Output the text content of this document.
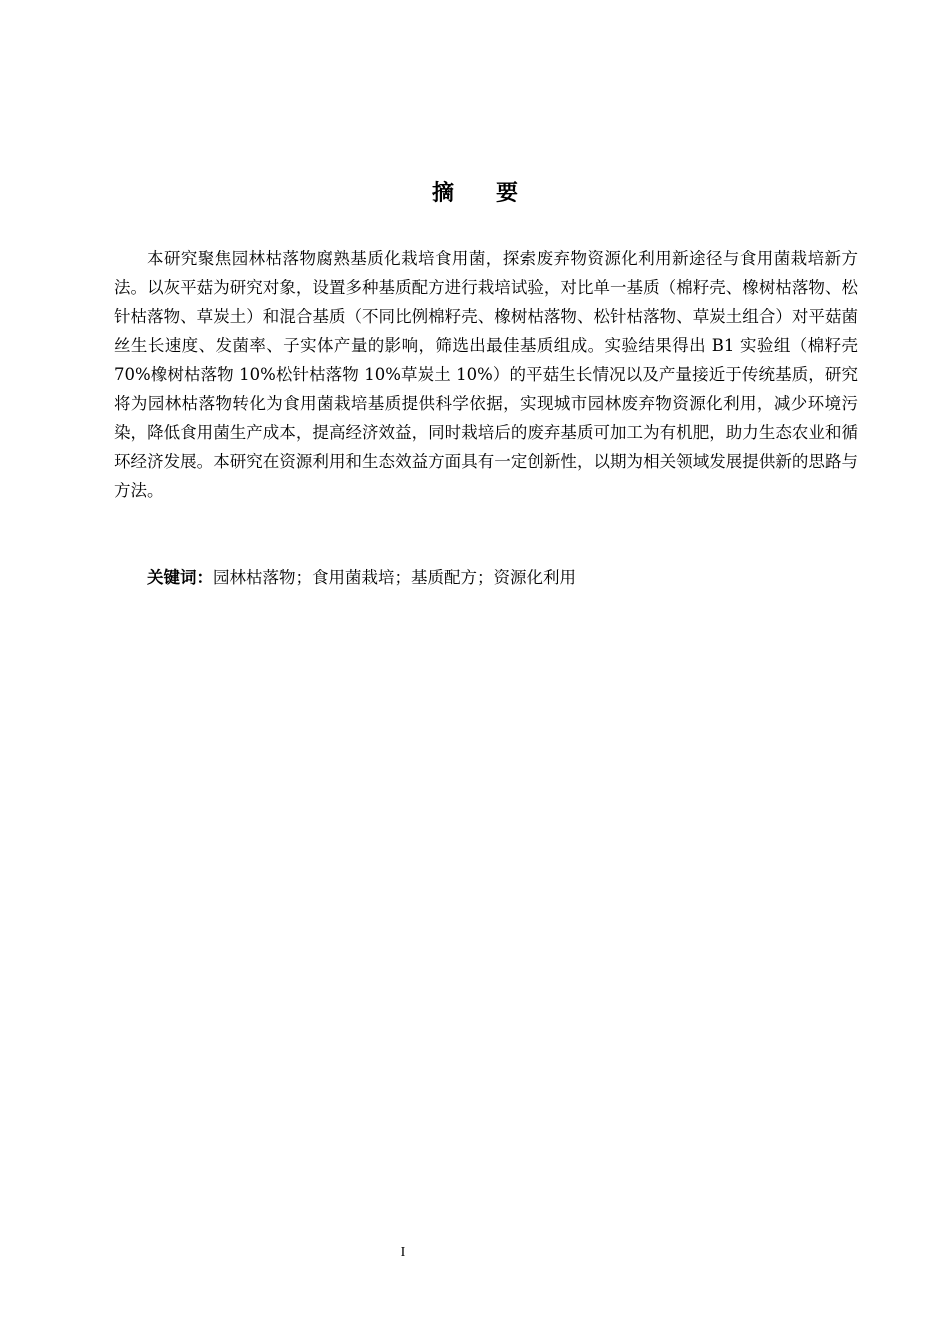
摘 要

本研究聚焦园林枯落物腐熟基质化栽培食用菌，探索废弃物资源化利用新途径与食用菌栽培新方法。以灰平菇为研究对象，设置多种基质配方进行栽培试验，对比单一基质（棉籽壳、橡树枯落物、松针枯落物、草炭土）和混合基质（不同比例棉籽壳、橡树枯落物、松针枯落物、草炭土组合）对平菇菌丝生长速度、发菌率、子实体产量的影响，筛选出最佳基质组成。实验结果得出 B1 实验组（棉籽壳 70%橡树枯落物 10%松针枯落物 10%草炭土 10%）的平菇生长情况以及产量接近于传统基质，研究将为园林枯落物转化为食用菌栽培基质提供科学依据，实现城市园林废弃物资源化利用，减少环境污染，降低食用菌生产成本，提高经济效益，同时栽培后的废弃基质可加工为有机肥，助力生态农业和循环经济发展。本研究在资源利用和生态效益方面具有一定创新性，以期为相关领域发展提供新的思路与方法。

关键词：园林枯落物；食用菌栽培；基质配方；资源化利用

I
